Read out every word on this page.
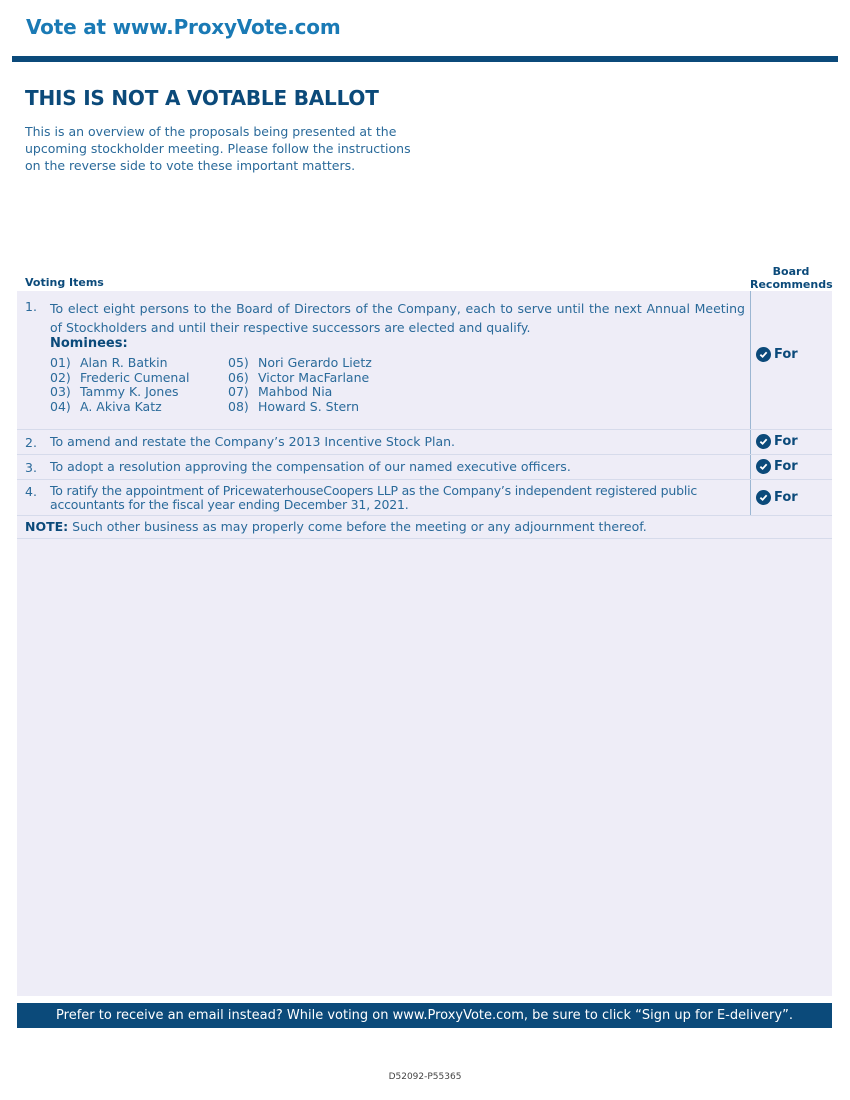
Vote at www.ProxyVote.com
THIS IS NOT A VOTABLE BALLOT
This is an overview of the proposals being presented at the upcoming stockholder meeting. Please follow the instructions on the reverse side to vote these important matters.
Voting Items
Board
Recommends
1. To elect eight persons to the Board of Directors of the Company, each to serve until the next Annual Meeting of Stockholders and until their respective successors are elected and qualify.
Nominees:
01) Alan R. Batkin
02) Frederic Cumenal
03) Tammy K. Jones
04) A. Akiva Katz
05) Nori Gerardo Lietz
06) Victor MacFarlane
07) Mahbod Nia
08) Howard S. Stern
For
2. To amend and restate the Company’s 2013 Incentive Stock Plan.	For
3. To adopt a resolution approving the compensation of our named executive officers.	For
4. To ratify the appointment of PricewaterhouseCoopers LLP as the Company’s independent registered public accountants for the fiscal year ending December 31, 2021.	For
NOTE: Such other business as may properly come before the meeting or any adjournment thereof.
Prefer to receive an email instead? While voting on www.ProxyVote.com, be sure to click “Sign up for E-delivery”.
D52092-P55365
